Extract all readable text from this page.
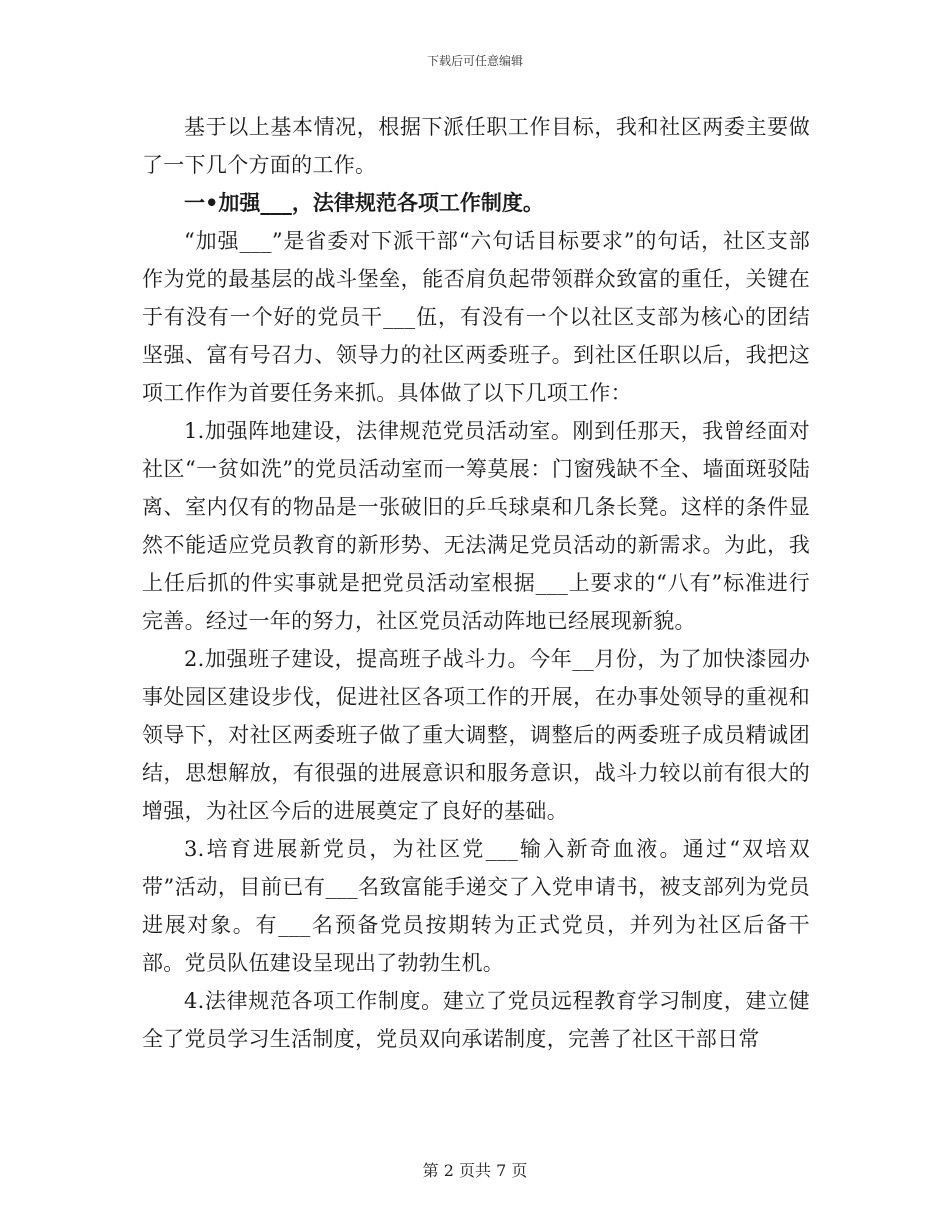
下载后可任意编辑

基于以上基本情况，根据下派任职工作目标，我和社区两委主要做了一下几个方面的工作。

一•加强___，法律规范各项工作制度。

“加强___”是省委对下派干部“六句话目标要求”的句话，社区支部作为党的最基层的战斗堡垒，能否肩负起带领群众致富的重任，关键在于有没有一个好的党员干___伍，有没有一个以社区支部为核心的团结坚强、富有号召力、领导力的社区两委班子。到社区任职以后，我把这项工作作为首要任务来抓。具体做了以下几项工作：

1.加强阵地建设，法律规范党员活动室。刚到任那天，我曾经面对社区“一贫如洗”的党员活动室而一筹莫展：门窗残缺不全、墙面斑驳陆离、室内仅有的物品是一张破旧的乒乓球桌和几条长凳。这样的条件显然不能适应党员教育的新形势、无法满足党员活动的新需求。为此，我上任后抓的件实事就是把党员活动室根据___上要求的“八有”标准进行完善。经过一年的努力，社区党员活动阵地已经展现新貌。

2.加强班子建设，提高班子战斗力。今年__月份，为了加快漆园办事处园区建设步伐，促进社区各项工作的开展，在办事处领导的重视和领导下，对社区两委班子做了重大调整，调整后的两委班子成员精诚团结，思想解放，有很强的进展意识和服务意识，战斗力较以前有很大的增强，为社区今后的进展奠定了良好的基础。

3.培育进展新党员，为社区党___输入新奇血液。通过“双培双带”活动，目前已有___名致富能手递交了入党申请书，被支部列为党员进展对象。有___名预备党员按期转为正式党员，并列为社区后备干部。党员队伍建设呈现出了勃勃生机。

4.法律规范各项工作制度。建立了党员远程教育学习制度，建立健全了党员学习生活制度，党员双向承诺制度，完善了社区干部日常

第 2 页共 7 页
